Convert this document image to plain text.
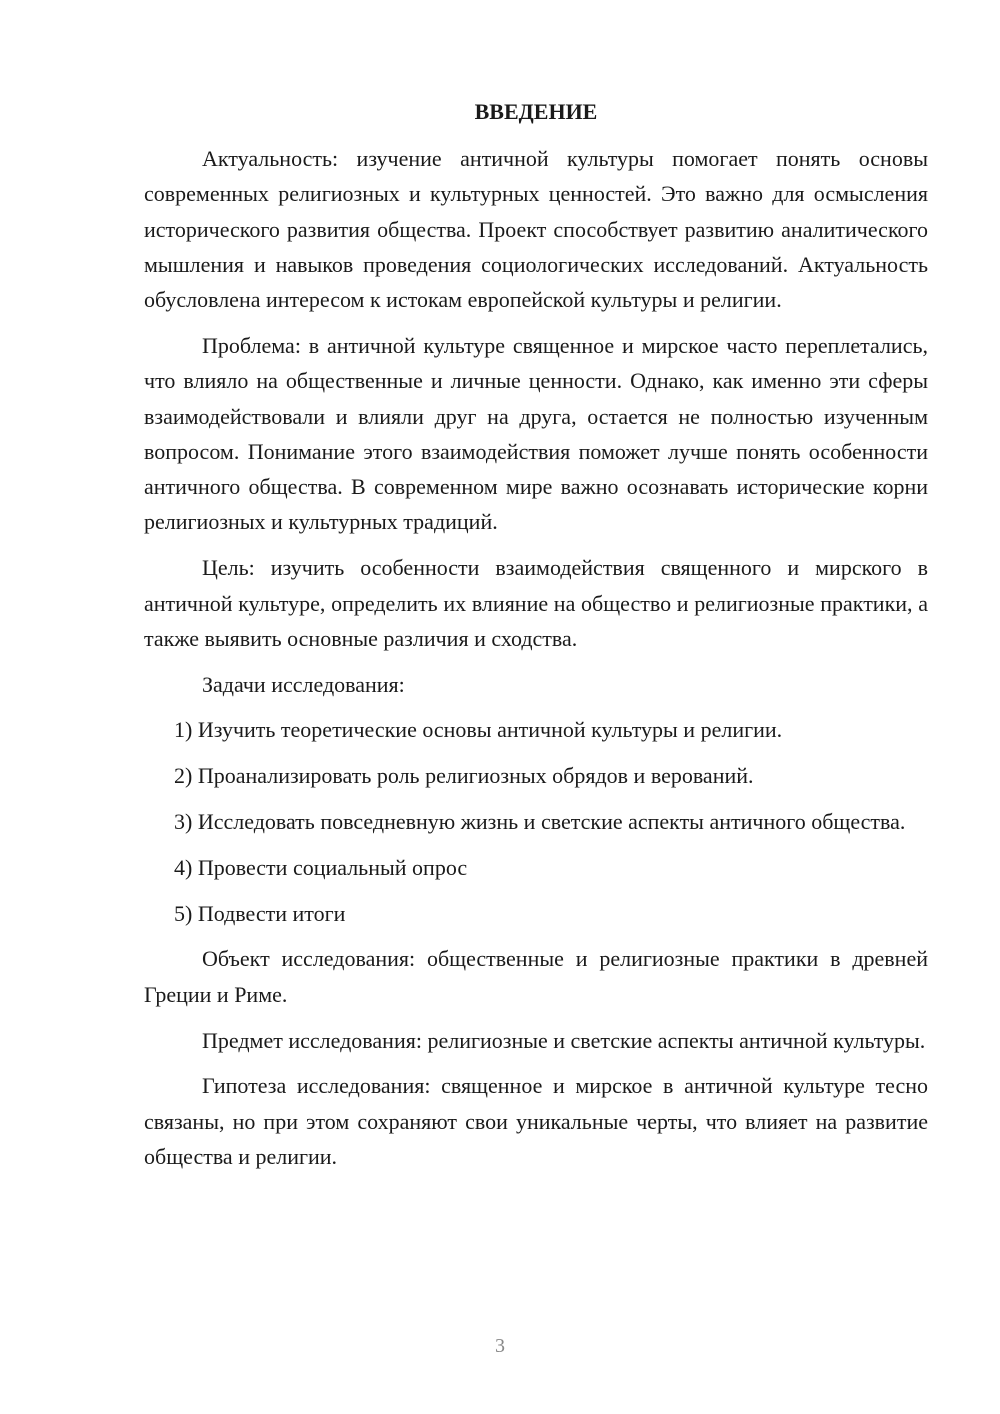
ВВЕДЕНИЕ

Актуальность: изучение античной культуры помогает понять основы современных религиозных и культурных ценностей. Это важно для осмысления исторического развития общества. Проект способствует развитию аналитического мышления и навыков проведения социологических исследований. Актуальность обусловлена интересом к истокам европейской культуры и религии.

Проблема: в античной культуре священное и мирское часто переплетались, что влияло на общественные и личные ценности. Однако, как именно эти сферы взаимодействовали и влияли друг на друга, остается не полностью изученным вопросом. Понимание этого взаимодействия поможет лучше понять особенности античного общества. В современном мире важно осознавать исторические корни религиозных и культурных традиций.

Цель: изучить особенности взаимодействия священного и мирского в античной культуре, определить их влияние на общество и религиозные практики, а также выявить основные различия и сходства.

Задачи исследования:

1) Изучить теоретические основы античной культуры и религии.

2) Проанализировать роль религиозных обрядов и верований.

3) Исследовать повседневную жизнь и светские аспекты античного общества.

4) Провести социальный опрос

5) Подвести итоги

Объект исследования: общественные и религиозные практики в древней Греции и Риме.

Предмет исследования: религиозные и светские аспекты античной культуры.

Гипотеза исследования: священное и мирское в античной культуре тесно связаны, но при этом сохраняют свои уникальные черты, что влияет на развитие общества и религии.

3
